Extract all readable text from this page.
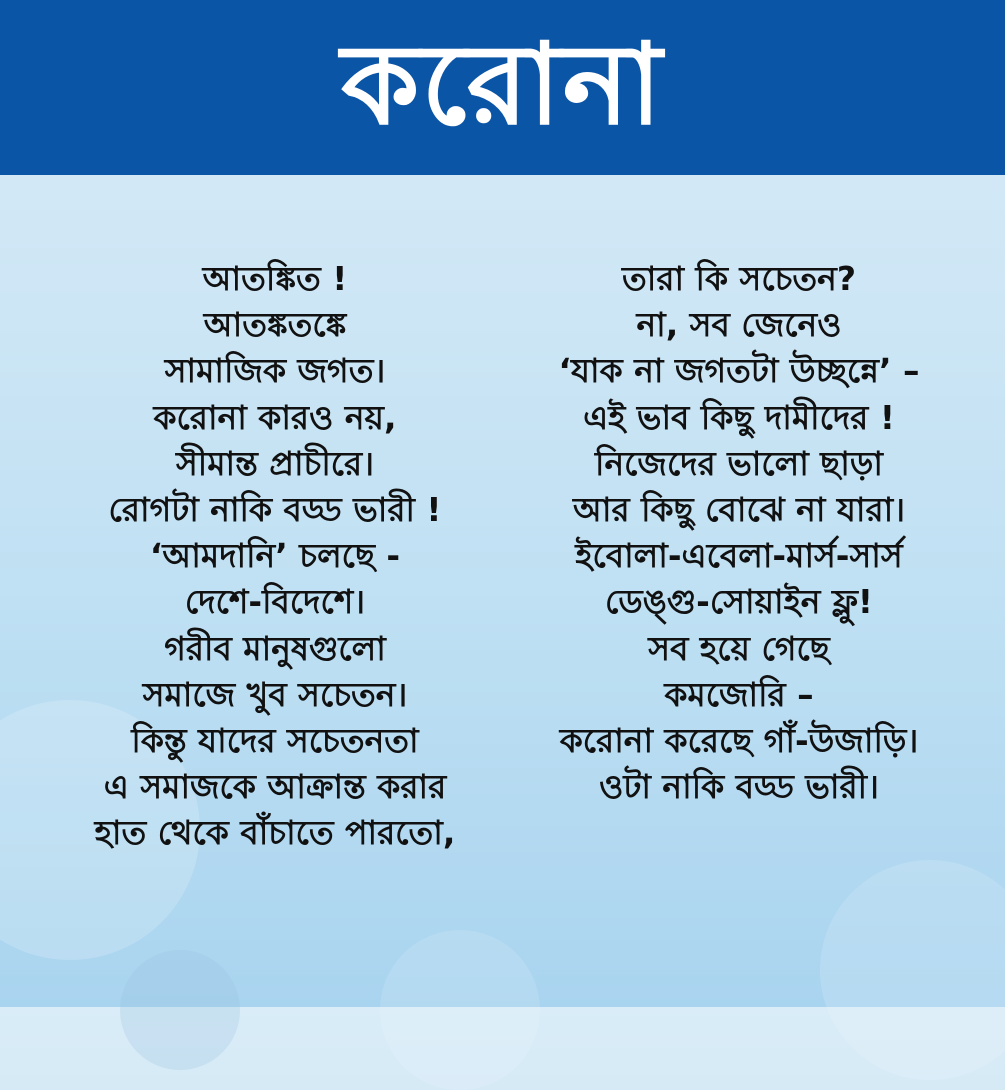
করোনা
আতঙ্কিত !
আতঙ্কতঙ্কে
সামাজিক জগত।
করোনা কারও নয়,
সীমান্ত প্রাচীরে।
রোগটা নাকি বড্ড ভারী !
‘আমদানি’ চলছে -
দেশে-বিদেশে।
গরীব মানুষগুলো
সমাজে খুব সচেতন।
কিন্তু যাদের সচেতনতা
এ সমাজকে আক্রান্ত করার
হাত থেকে বাঁচাতে পারতো,
তারা কি সচেতন?
না, সব জেনেও
‘যাক না জগতটা উচ্ছন্নে’ –
এই ভাব কিছু দামীদের !
নিজেদের ভালো ছাড়া
আর কিছু বোঝে না যারা।
ইবোলা-এবেলা-মার্স-সার্স
ডেঙ্গু-সোয়াইন ফ্লু!
সব হয়ে গেছে
কমজোরি –
করোনা করেছে গাঁ-উজাড়ি।
ওটা নাকি বড্ড ভারী।
